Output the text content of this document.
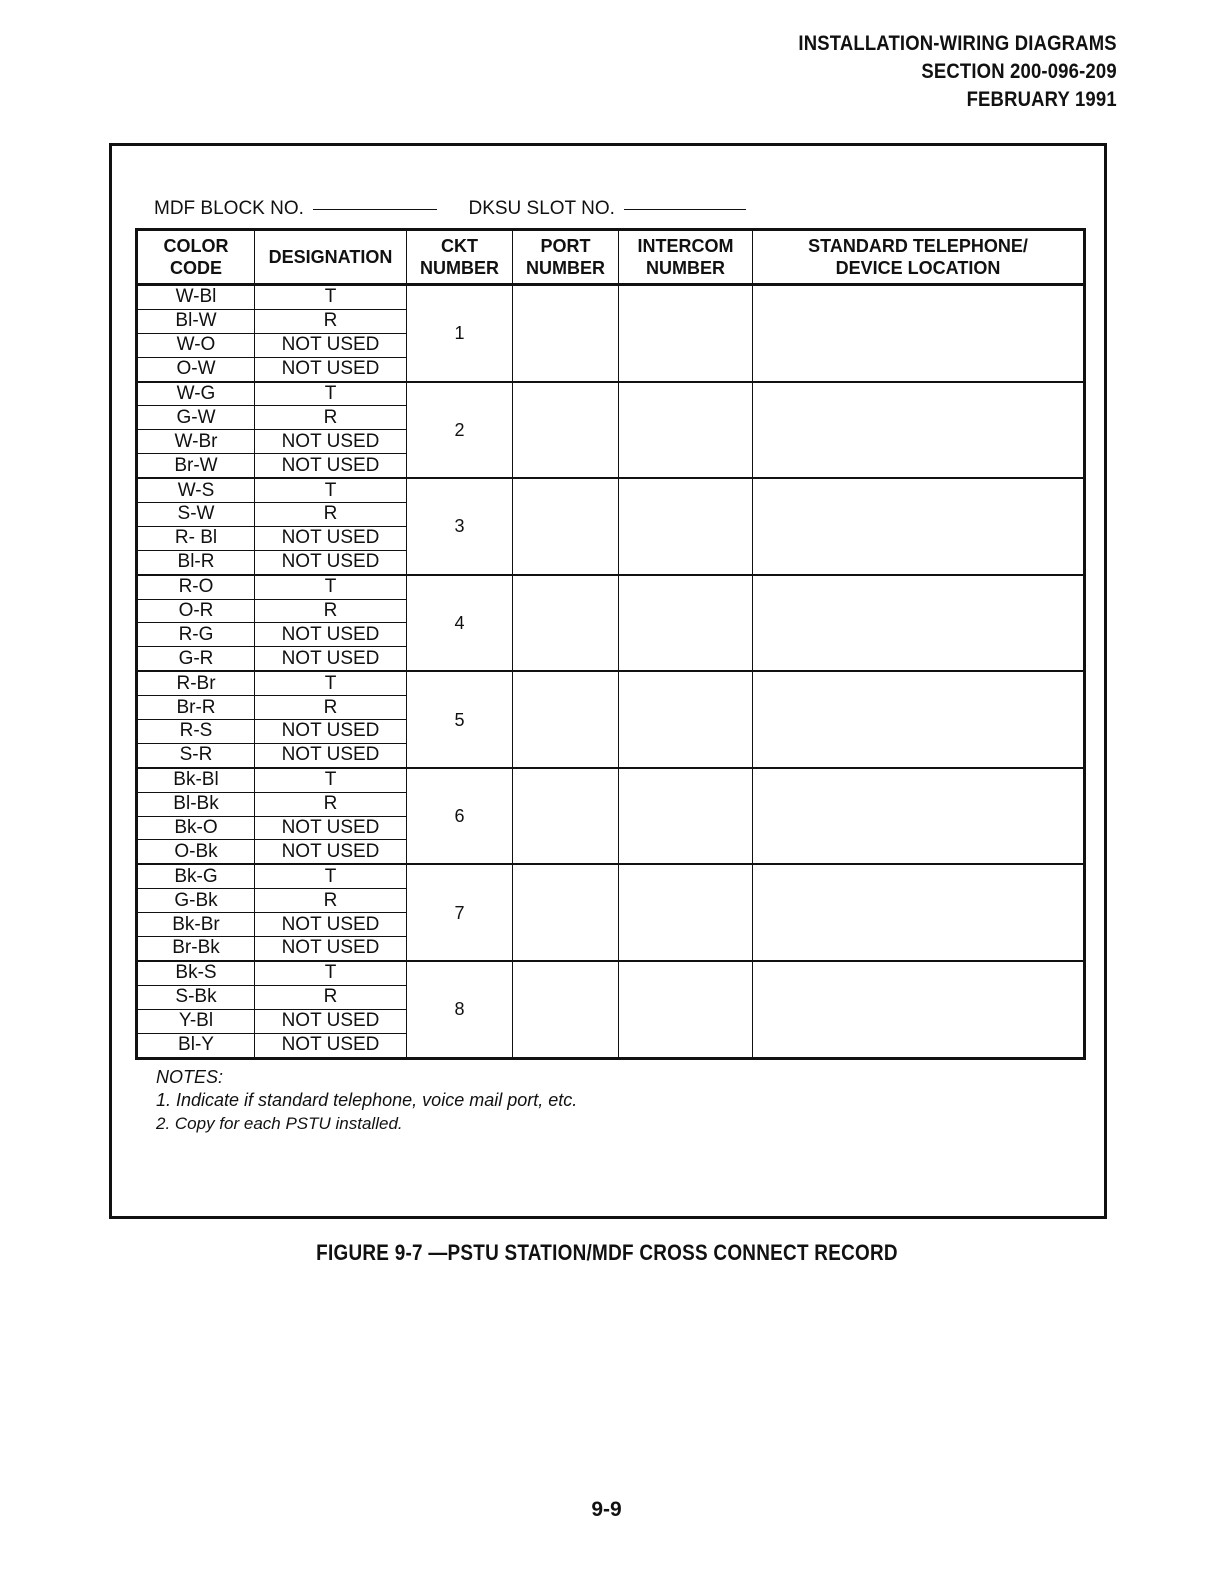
INSTALLATION-WIRING DIAGRAMS
SECTION 200-096-209
FEBRUARY 1991
MDF BLOCK NO.	DKSU SLOT NO.
COLOR CODE	DESIGNATION	CKT NUMBER	PORT NUMBER	INTERCOM NUMBER	STANDARD TELEPHONE/ DEVICE LOCATION

W-Bl	T	1			
Bl-W	R				
W-O	NOT USED				
O-W	NOT USED				
W-G	T	2			
G-W	R				
W-Br	NOT USED				
Br-W	NOT USED				
W-S	T	3			
S-W	R				
R- Bl	NOT USED				
Bl-R	NOT USED				
R-O	T	4			
O-R	R				
R-G	NOT USED				
G-R	NOT USED				
R-Br	T	5			
Br-R	R				
R-S	NOT USED				
S-R	NOT USED				
Bk-Bl	T	6			
Bl-Bk	R				
Bk-O	NOT USED				
O-Bk	NOT USED				
Bk-G	T	7			
G-Bk	R				
Bk-Br	NOT USED				
Br-Bk	NOT USED				
Bk-S	T	8			
S-Bk	R				
Y-Bl	NOT USED				
Bl-Y	NOT USED				
NOTES:
1. Indicate if standard telephone, voice mail port, etc.
2. Copy for each PSTU installed.
FIGURE 9-7 —PSTU STATION/MDF CROSS CONNECT RECORD
9-9
